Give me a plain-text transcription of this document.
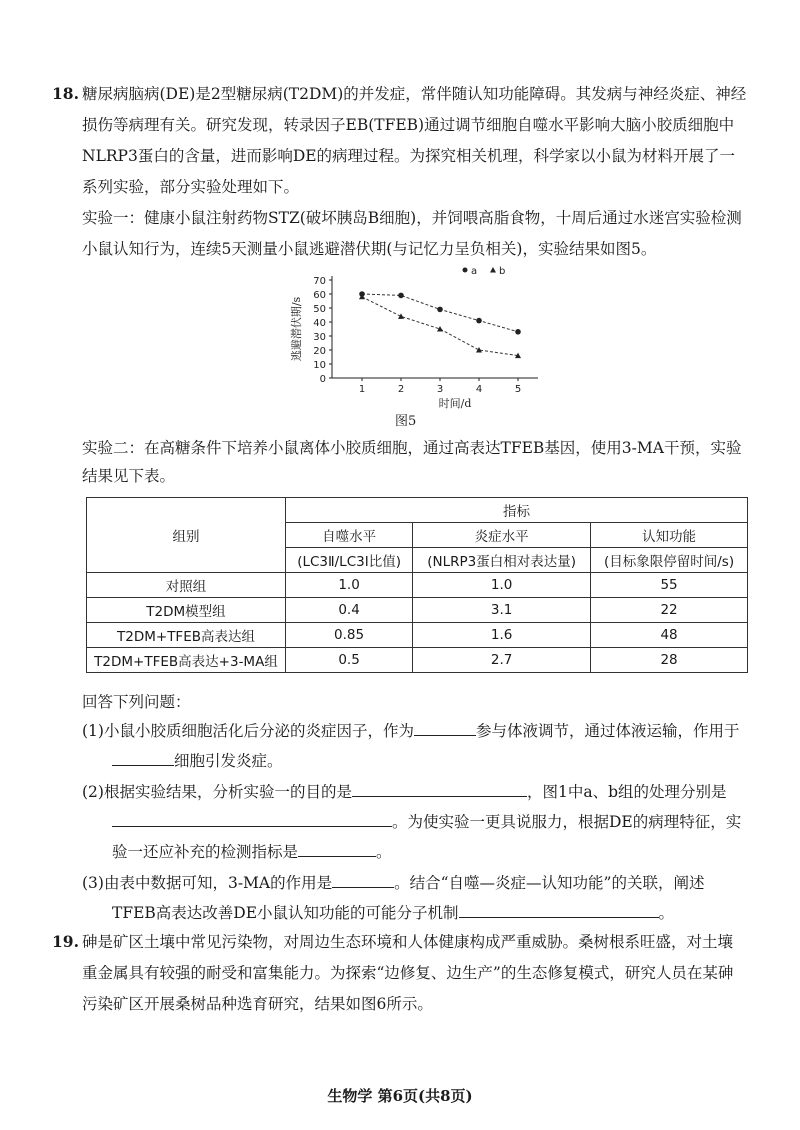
18. 糖尿病脑病(DE)是2型糖尿病(T2DM)的并发症，常伴随认知功能障碍。其发病与神经炎症、神经
损伤等病理有关。研究发现，转录因子EB(TFEB)通过调节细胞自噬水平影响大脑小胶质细胞中
NLRP3蛋白的含量，进而影响DE的病理过程。为探究相关机理，科学家以小鼠为材料开展了一
系列实验，部分实验处理如下。
实验一：健康小鼠注射药物STZ(破坏胰岛B细胞)，并饲喂高脂食物，十周后通过水迷宫实验检测
小鼠认知行为，连续5天测量小鼠逃避潜伏期(与记忆力呈负相关)，实验结果如图5。
0
10
20
30
40
50
60
70
1	2	3	4	5
时间/d
逃避潜伏期/s
a b
图5
实验二：在高糖条件下培养小鼠离体小胶质细胞，通过高表达TFEB基因，使用3-MA干预，实验
结果见下表。
组别	指标		
	自噬水平	炎症水平	认知功能
	(LC3Ⅱ/LC3Ⅰ比值)	(NLRP3蛋白相对表达量)	(目标象限停留时间/s)
对照组	1.0	1.0	55
T2DM模型组	0.4	3.1	22
T2DM+TFEB高表达组	0.85	1.6	48
T2DM+TFEB高表达+3-MA组	0.5	2.7	28
回答下列问题：
(1)小鼠小胶质细胞活化后分泌的炎症因子，作为	参与体液调节，通过体液运输，作用于
细胞引发炎症。
(2)根据实验结果，分析实验一的目的是	，图1中a、b组的处理分别是
。为使实验一更具说服力，根据DE的病理特征，实
验一还应补充的检测指标是	。
(3)由表中数据可知，3-MA的作用是	。结合“自噬—炎症—认知功能”的关联，阐述
TFEB高表达改善DE小鼠认知功能的可能分子机制	。
19. 砷是矿区土壤中常见污染物，对周边生态环境和人体健康构成严重威胁。桑树根系旺盛，对土壤
重金属具有较强的耐受和富集能力。为探索“边修复、边生产”的生态修复模式，研究人员在某砷
污染矿区开展桑树品种选育研究，结果如图6所示。
生物学 第6页(共8页)
